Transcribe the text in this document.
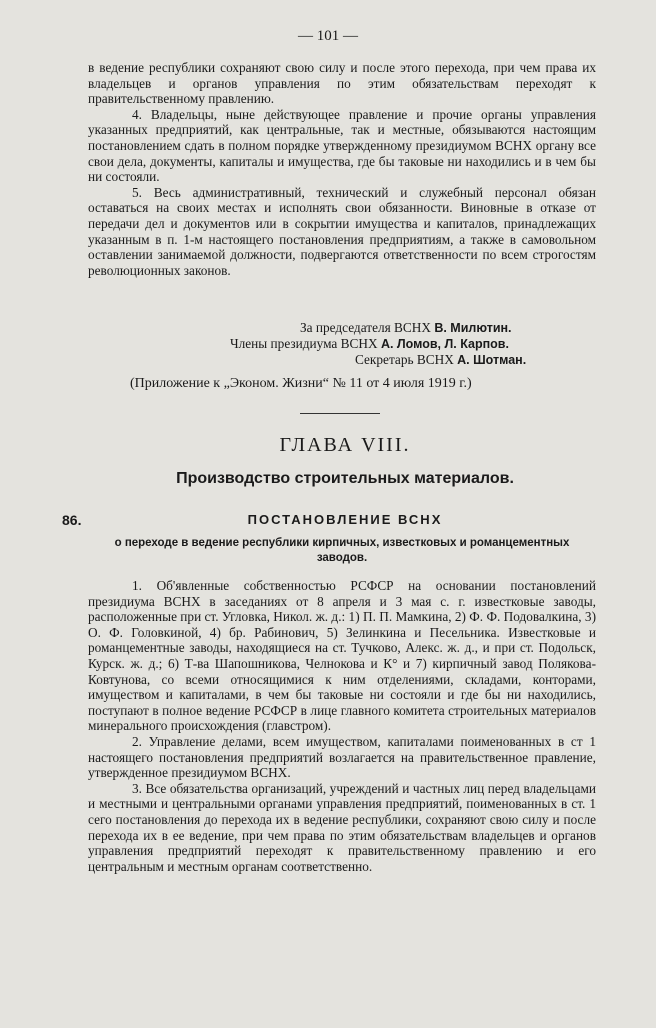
— 101 —

в ведение республики сохраняют свою силу и после этого перехода, при чем права их владельцев и органов управления по этим обязательствам переходят к правительственному правлению.

4. Владельцы, ныне действующее правление и прочие органы управления указанных предприятий, как центральные, так и местные, обязываются настоящим постановлением сдать в полном порядке утвержденному президиумом ВСНХ органу все свои дела, документы, капиталы и имущества, где бы таковые ни находились и в чем бы ни состояли.

5. Весь административный, технический и служебный персонал обязан оставаться на своих местах и исполнять свои обязанности. Виновные в отказе от передачи дел и документов или в сокрытии имущества и капиталов, принадлежащих указанным в п. 1-м настоящего постановления предприятиям, а также в самовольном оставлении занимаемой должности, подвергаются ответственности по всем строгостям революционных законов.

За председателя ВСНХ В. Милютин.
Члены президиума ВСНХ А. Ломов, Л. Карпов.
Секретарь ВСНХ А. Шотман.
(Приложение к „Эконом. Жизни“ № 11 от 4 июля 1919 г.)
ГЛАВА VIII.
Производство строительных материалов.
86.	ПОСТАНОВЛЕНИЕ ВСНХ
о переходе в ведение республики кирпичных, известковых и романцементных заводов.

1. Об'явленные собственностью РСФСР на основании постановлений президиума ВСНХ в заседаниях от 8 апреля и 3 мая с. г. известковые заводы, расположенные при ст. Угловка, Никол. ж. д.: 1) П. П. Мамкина, 2) Ф. Ф. Подовалкина, 3) О. Ф. Головкиной, 4) бр. Рабинович, 5) Зелинкина и Песельника. Известковые и романцементные заводы, находящиеся на ст. Тучково, Алекс. ж. д., и при ст. Подольск, Курск. ж. д.; 6) Т-ва Шапошникова, Челнокова и К° и 7) кирпичный завод Полякова-Ковтунова, со всеми относящимися к ним отделениями, складами, конторами, имуществом и капиталами, в чем бы таковые ни состояли и где бы ни находились, поступают в полное ведение РСФСР в лице главного комитета строительных материалов минерального происхождения (главстром).

2. Управление делами, всем имуществом, капиталами поименованных в ст 1 настоящего постановления предприятий возлагается на правительственное правление, утвержденное президиумом ВСНХ.

3. Все обязательства организаций, учреждений и частных лиц перед владельцами и местными и центральными органами управления предприятий, поименованных в ст. 1 сего постановления до перехода их в ведение республики, сохраняют свою силу и после перехода их в ее ведение, при чем права по этим обязательствам владельцев и органов управления предприятий переходят к правительственному правлению и его центральным и местным органам соответственно.
